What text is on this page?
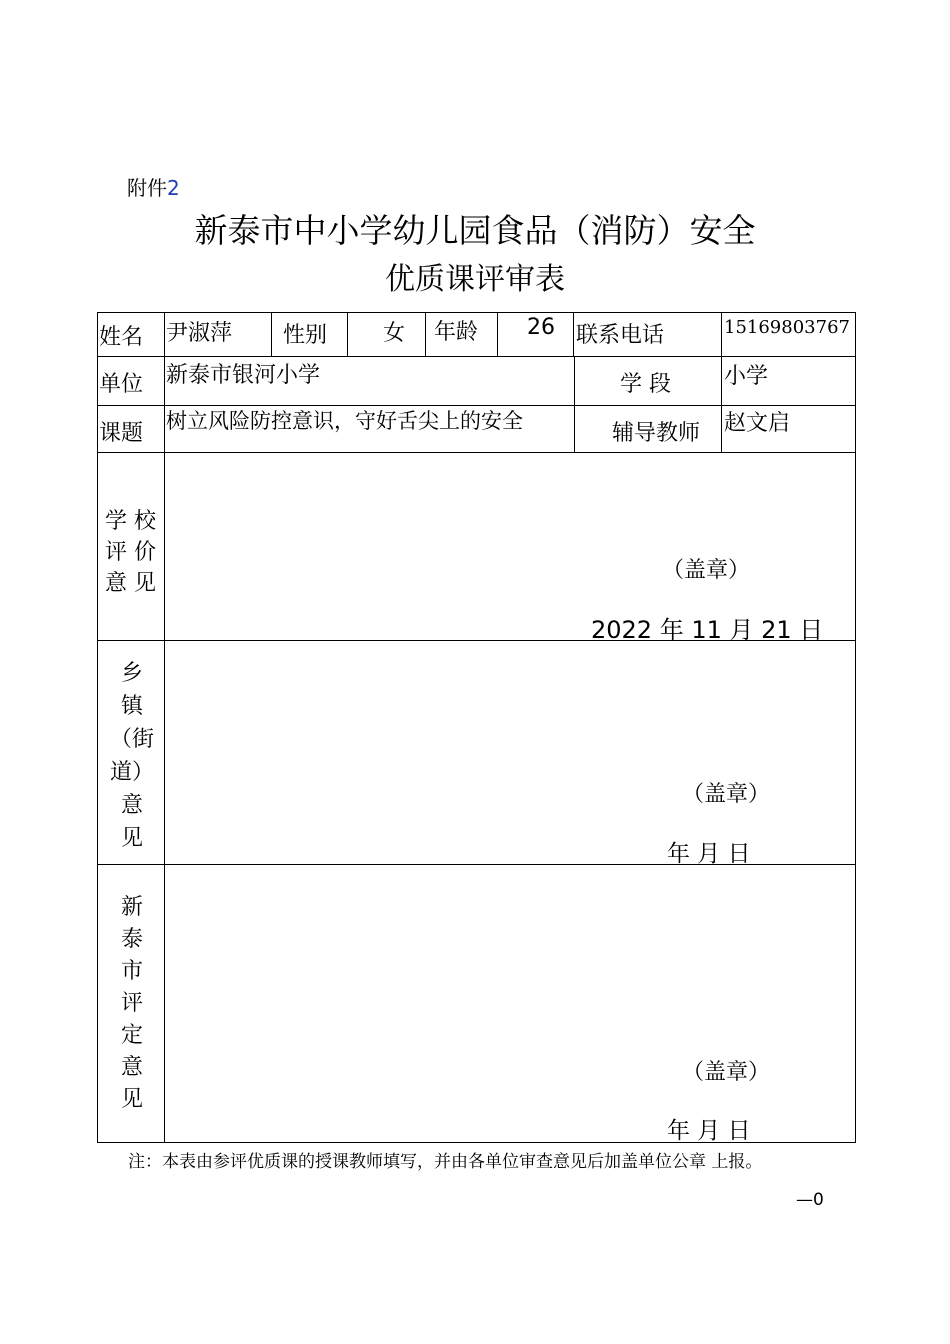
附件2
新泰市中小学幼儿园食品（消防）安全
优质课评审表
姓名 尹淑萍	性别	女 年龄 26 联系电话	15169803767
单位 新泰市银河小学	学 段 小学
课题 树立风险防控意识，守好舌尖上的安全	辅导教师 赵文启
学 校
评 价
意 见
（盖章）
2022 年 11 月 21 日
乡
镇
（街
道）
意
见
（盖章）
年 月 日
新
泰
市
评
定
意
见
（盖章）
年 月 日
注：本表由参评优质课的授课教师填写，并由各单位审查意见后加盖单位公章 上报。
—0
